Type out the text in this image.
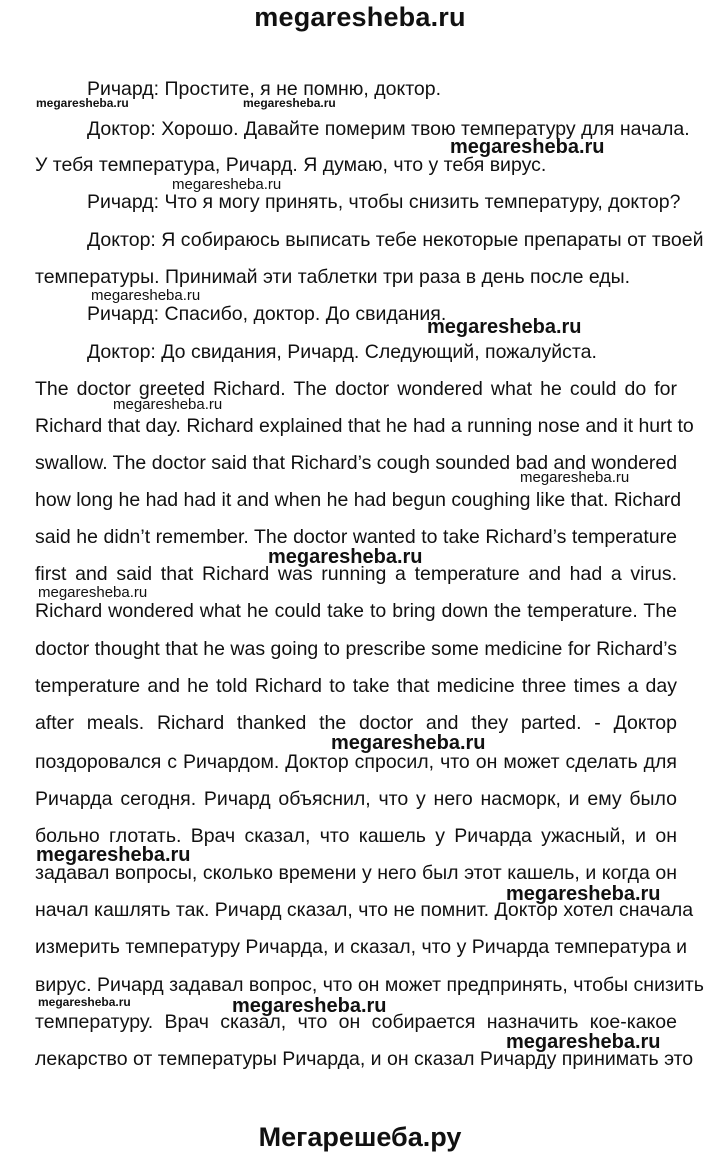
megaresheba.ru
Ричард: Простите, я не помню, доктор.
Доктор: Хорошо. Давайте померим твою температуру для начала.
У тебя температура, Ричард. Я думаю, что у тебя вирус.
Ричард: Что я могу принять, чтобы снизить температуру, доктор?
Доктор: Я собираюсь выписать тебе некоторые препараты от твоей
температуры. Принимай эти таблетки три раза в день после еды.
Ричард: Спасибо, доктор. До свидания.
Доктор: До свидания, Ричард. Следующий, пожалуйста.
The doctor greeted Richard. The doctor wondered what he could do for
Richard that day. Richard explained that he had a running nose and it hurt to
swallow. The doctor said that Richard’s cough sounded bad and wondered
how long he had had it and when he had begun coughing like that. Richard
said he didn’t remember. The doctor wanted to take Richard’s temperature
first and said that Richard was running a temperature and had a virus.
Richard wondered what he could take to bring down the temperature. The
doctor thought that he was going to prescribe some medicine for Richard’s
temperature and he told Richard to take that medicine three times a day
after meals. Richard thanked the doctor and they parted. - Доктор
поздоровался с Ричардом. Доктор спросил, что он может сделать для
Ричарда сегодня. Ричард объяснил, что у него насморк, и ему было
больно глотать. Врач сказал, что кашель у Ричарда ужасный, и он
задавал вопросы, сколько времени у него был этот кашель, и когда он
начал кашлять так. Ричард сказал, что не помнит. Доктор хотел сначала
измерить температуру Ричарда, и сказал, что у Ричарда температура и
вирус. Ричард задавал вопрос, что он может предпринять, чтобы снизить
температуру. Врач сказал, что он собирается назначить кое-какое
лекарство от температуры Ричарда, и он сказал Ричарду принимать это
megaresheba.ru	megaresheba.ru
megaresheba.ru
megaresheba.ru
megaresheba.ru
megaresheba.ru
megaresheba.ru
megaresheba.ru
megaresheba.ru
megaresheba.ru
megaresheba.ru
megaresheba.ru
megaresheba.ru
megaresheba.ru	megaresheba.ru
megaresheba.ru
Мегарешеба.ру
